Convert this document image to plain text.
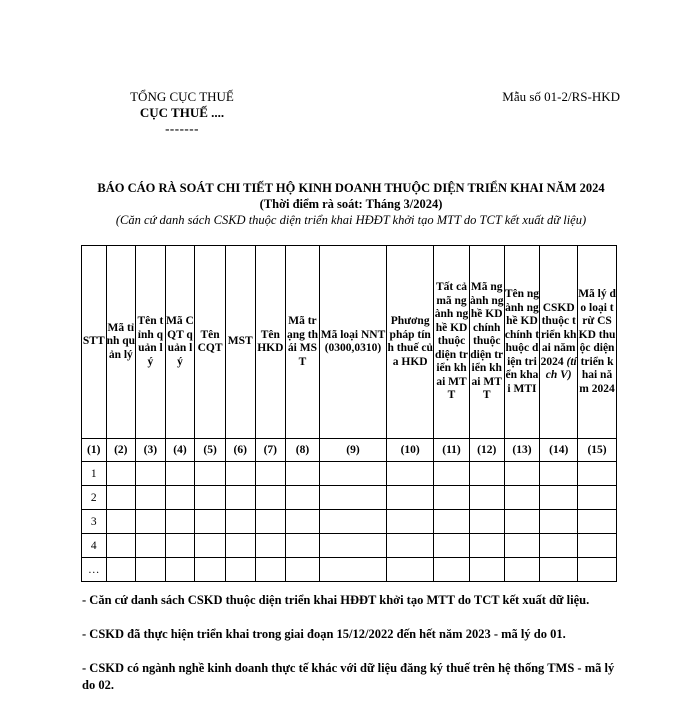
TỔNG CỤC THUẾ
CỤC THUẾ ....
-------
Mẫu số 01-2/RS-HKD
BÁO CÁO RÀ SOÁT CHI TIẾT HỘ KINH DOANH THUỘC DIỆN TRIỂN KHAI NĂM 2024 (Thời điểm rà soát: Tháng 3/2024)
(Căn cứ danh sách CSKD thuộc diện triển khai HĐĐT khởi tạo MTT do TCT kết xuất dữ liệu)
STT	Mã tỉnh quản lý	Tên tỉnh quản lý	Mã CQT quản lý	Tên CQT	MST	Tên HKD	Mã trạng thái MST	Mã loại NNT (0300,0310)	Phương pháp tính thuế của HKD	Tất cả mã ngành nghề KD thuộc diện triển khai MTT	Mã ngành nghề KD chính thuộc diện triển khai MTT	Tên ngành nghề KD chính thuộc diện triển khai MTI	CSKD thuộc triển khai năm 2024 (tích V)	Mã lý do loại trừ CSKD thuộc diện triển khai năm 2024
(1)	(2)	(3)	(4)	(5)	(6)	(7)	(8)	(9)	(10)	(11)	(12)	(13)	(14)	(15)
1														
2														
3														
4														
…														

- Căn cứ danh sách CSKD thuộc diện triển khai HĐĐT khởi tạo MTT do TCT kết xuất dữ liệu.

- CSKD đã thực hiện triển khai trong giai đoạn 15/12/2022 đến hết năm 2023 - mã lý do 01.

- CSKD có ngành nghề kinh doanh thực tế khác với dữ liệu đăng ký thuế trên hệ thống TMS - mã lý do 02.
